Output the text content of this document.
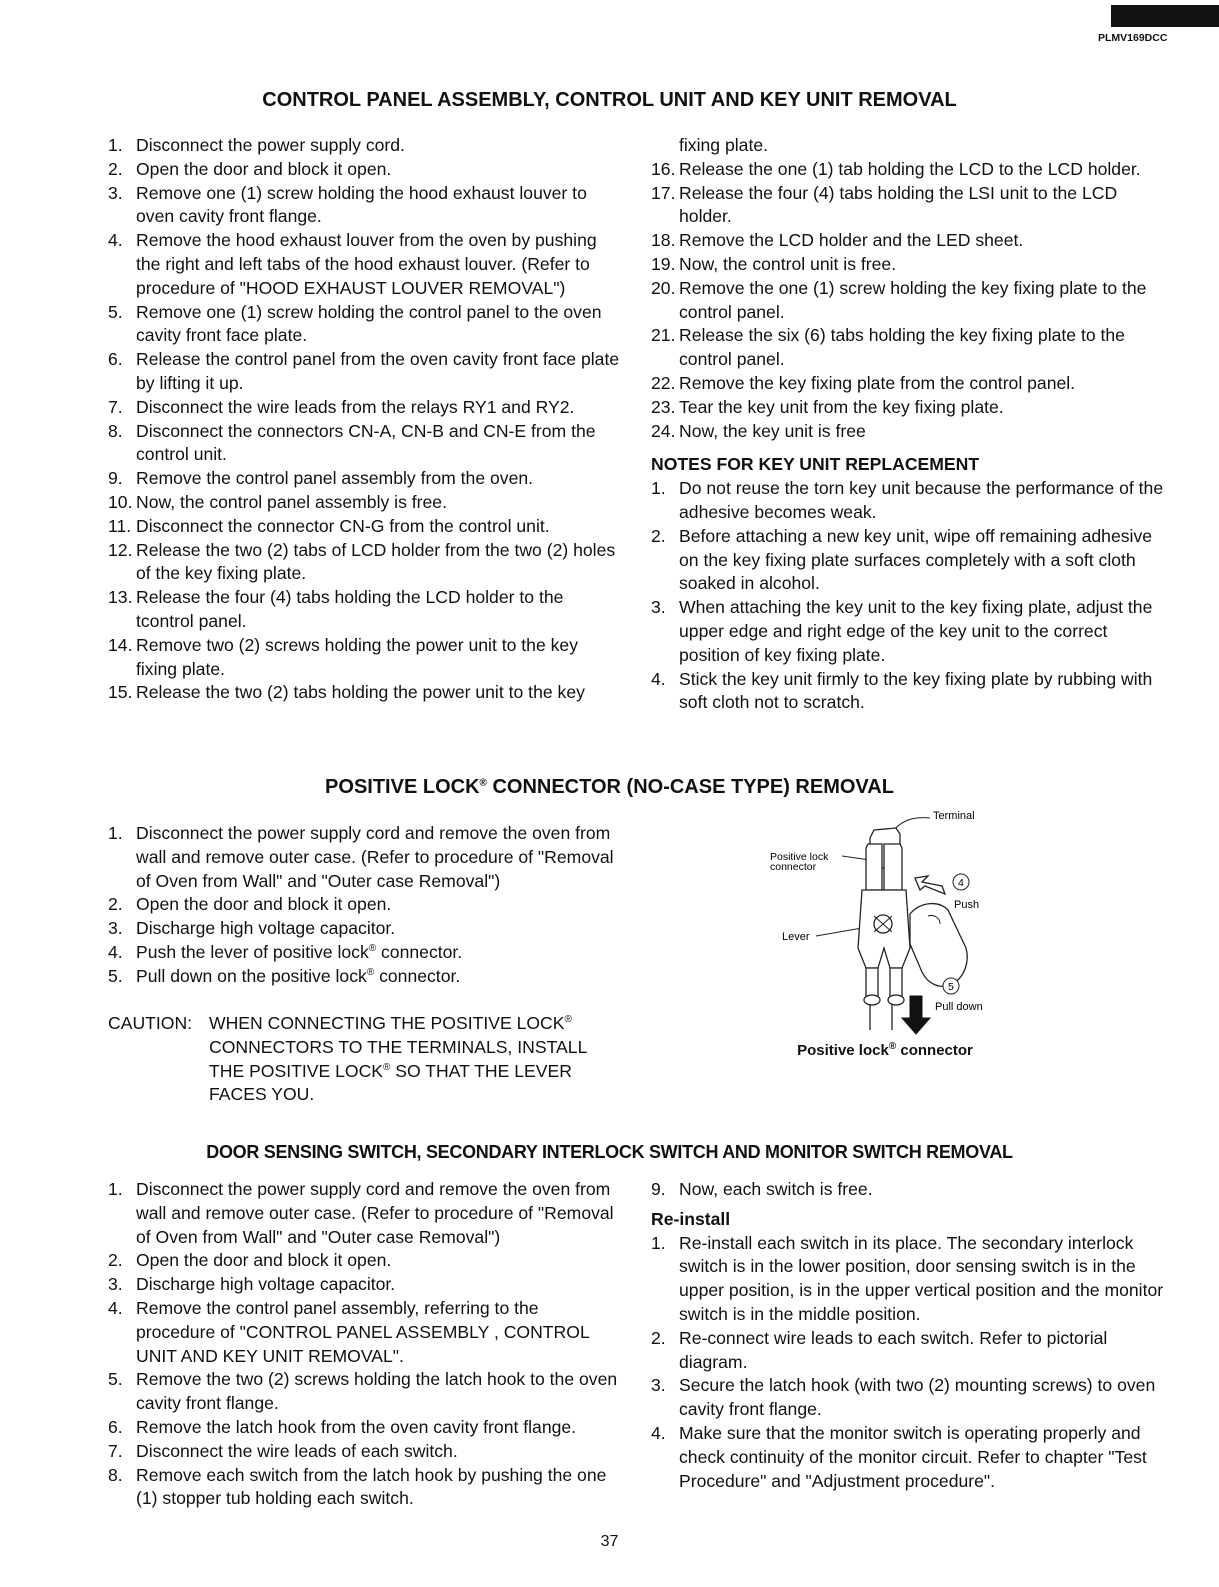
PLMV169DCC
CONTROL PANEL ASSEMBLY, CONTROL UNIT AND KEY UNIT REMOVAL
1. Disconnect the power supply cord.
2. Open the door and block it open.
3. Remove one (1) screw holding the hood exhaust louver to oven cavity front flange.
4. Remove the hood exhaust louver from the oven by pushing the right and left tabs of the hood exhaust louver. (Refer to procedure of "HOOD EXHAUST LOUVER REMOVAL")
5. Remove one (1) screw holding the control panel to the oven cavity front face plate.
6. Release the control panel from the oven cavity front face plate by lifting it up.
7. Disconnect the wire leads from the relays RY1 and RY2.
8. Disconnect the connectors CN-A, CN-B and CN-E from the control unit.
9. Remove the control panel assembly from the oven.
10. Now, the control panel assembly is free.
11. Disconnect the connector CN-G from the control unit.
12. Release the two (2) tabs of LCD holder from the two (2) holes of the key fixing plate.
13. Release the four (4) tabs holding the LCD holder to the tcontrol panel.
14. Remove two (2) screws holding the power unit to the key fixing plate.
15. Release the two (2) tabs holding the power unit to the key
fixing plate.
16. Release the one (1) tab holding the LCD to the LCD holder.
17. Release the four (4) tabs holding the LSI unit to the LCD holder.
18. Remove the LCD holder and the LED sheet.
19. Now, the control unit is free.
20. Remove the one (1) screw holding the key fixing plate to the control panel.
21. Release the six (6) tabs holding the key fixing plate to the control panel.
22. Remove the key fixing plate from the control panel.
23. Tear the key unit from the key fixing plate.
24. Now, the key unit is free
NOTES FOR KEY UNIT REPLACEMENT
1. Do not reuse the torn key unit because the performance of the adhesive becomes weak.
2. Before attaching a new key unit, wipe off remaining adhesive on the key fixing plate surfaces completely with a soft cloth soaked in alcohol.
3. When attaching the key unit to the key fixing plate, adjust the upper edge and right edge of the key unit to the correct position of key fixing plate.
4. Stick the key unit firmly to the key fixing plate by rubbing with soft cloth not to scratch.
POSITIVE LOCK® CONNECTOR (NO-CASE TYPE) REMOVAL
1. Disconnect the power supply cord and remove the oven from wall and remove outer case. (Refer to procedure of "Removal of Oven from Wall" and "Outer case Removal")
2. Open the door and block it open.
3. Discharge high voltage capacitor.
4. Push the lever of positive lock® connector.
5. Pull down on the positive lock® connector.
CAUTION: WHEN CONNECTING THE POSITIVE LOCK® CONNECTORS TO THE TERMINALS, INSTALL THE POSITIVE LOCK® SO THAT THE LEVER FACES YOU.
Terminal
Positive lock
connector
Lever
4
Push
5
Pull down
Positive lock® connector
DOOR SENSING SWITCH, SECONDARY INTERLOCK SWITCH AND MONITOR SWITCH REMOVAL
1. Disconnect the power supply cord and remove the oven from wall and remove outer case. (Refer to procedure of "Removal of Oven from Wall" and "Outer case Removal")
2. Open the door and block it open.
3. Discharge high voltage capacitor.
4. Remove the control panel assembly, referring to the procedure of "CONTROL PANEL ASSEMBLY , CONTROL UNIT AND KEY UNIT REMOVAL".
5. Remove the two (2) screws holding the latch hook to the oven cavity front flange.
6. Remove the latch hook from the oven cavity front flange.
7. Disconnect the wire leads of each switch.
8. Remove each switch from the latch hook by pushing the one (1) stopper tub holding each switch.
9. Now, each switch is free.
Re-install
1. Re-install each switch in its place. The secondary interlock switch is in the lower position, door sensing switch is in the upper position, is in the upper vertical position and the monitor switch is in the middle position.
2. Re-connect wire leads to each switch. Refer to pictorial diagram.
3. Secure the latch hook (with two (2) mounting screws) to oven cavity front flange.
4. Make sure that the monitor switch is operating properly and check continuity of the monitor circuit. Refer to chapter "Test Procedure" and "Adjustment procedure".
37
